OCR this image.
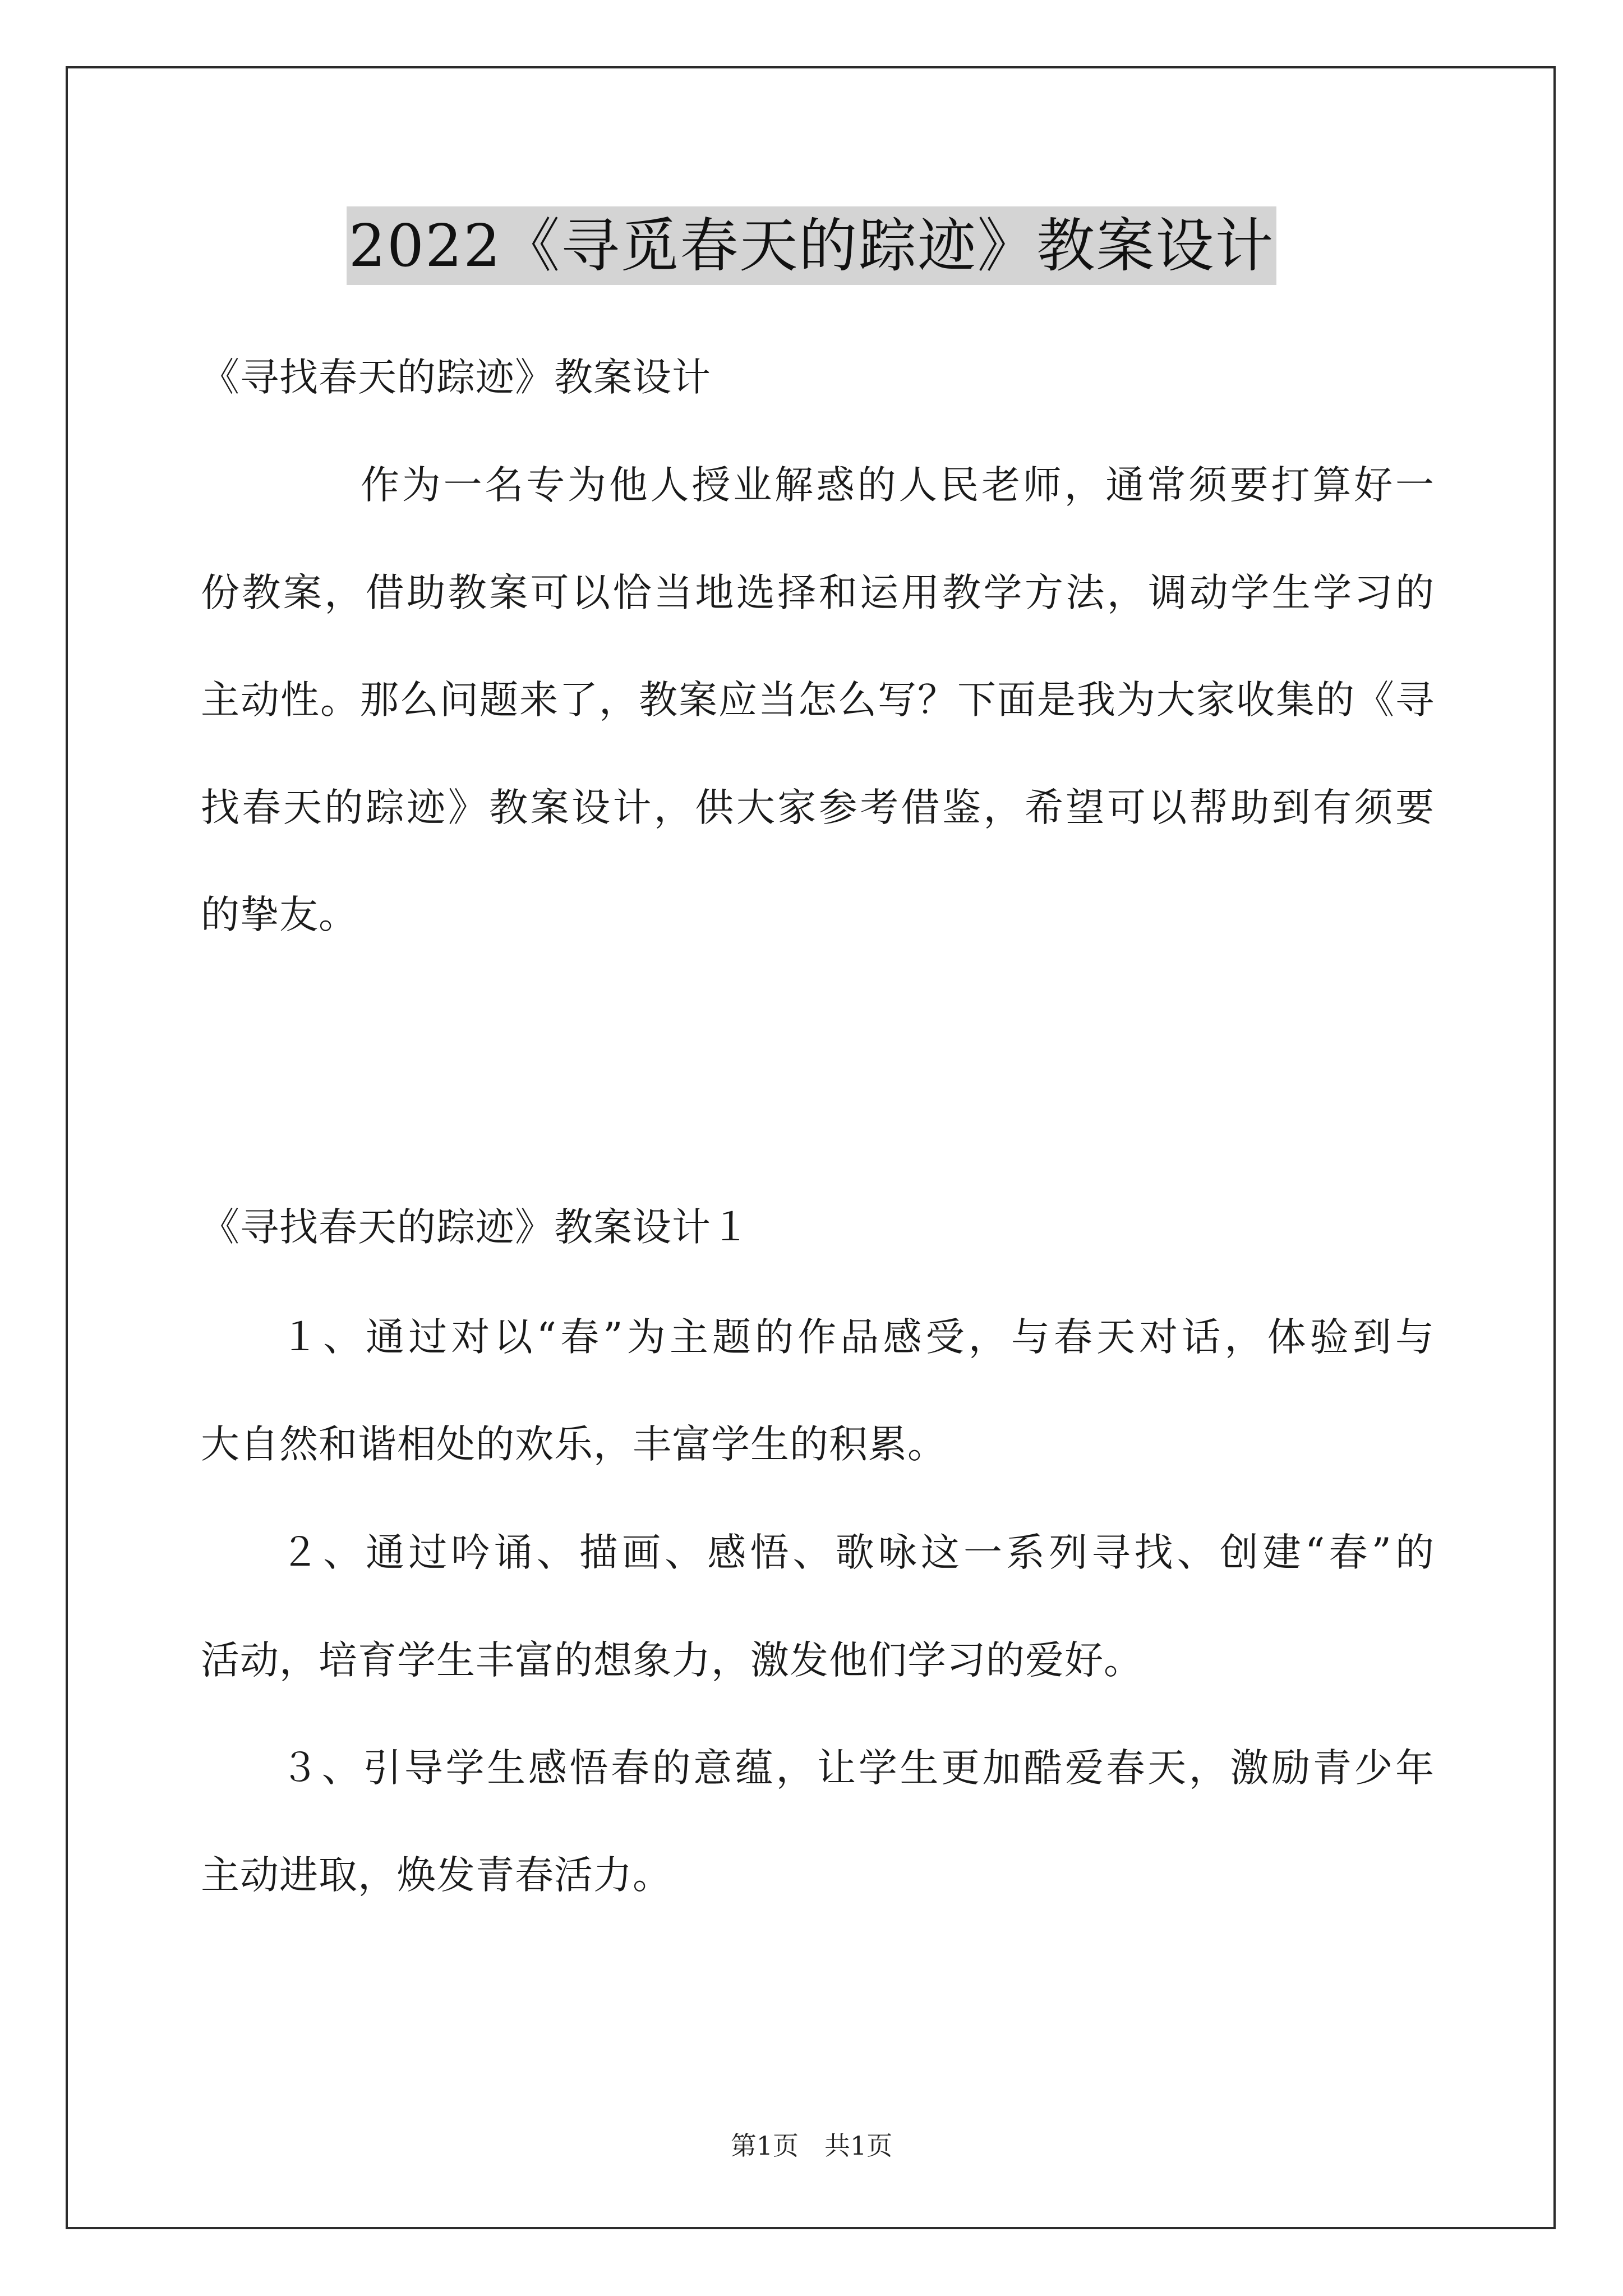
2022《寻觅春天的踪迹》教案设计
《寻找春天的踪迹》教案设计
作为一名专为他人授业解惑的人民老师，通常须要打算好一
份教案，借助教案可以恰当地选择和运用教学方法，调动学生学习的
主动性。那么问题来了，教案应当怎么写？下面是我为大家收集的《寻
找春天的踪迹》教案设计，供大家参考借鉴，希望可以帮助到有须要
的挚友。
《寻找春天的踪迹》教案设计１
１、通过对以“春”为主题的作品感受，与春天对话，体验到与
大自然和谐相处的欢乐，丰富学生的积累。
２、通过吟诵、描画、感悟、歌咏这一系列寻找、创建“春”的
活动，培育学生丰富的想象力，激发他们学习的爱好。
３、引导学生感悟春的意蕴，让学生更加酷爱春天，激励青少年
主动进取，焕发青春活力。
第1页　共1页
